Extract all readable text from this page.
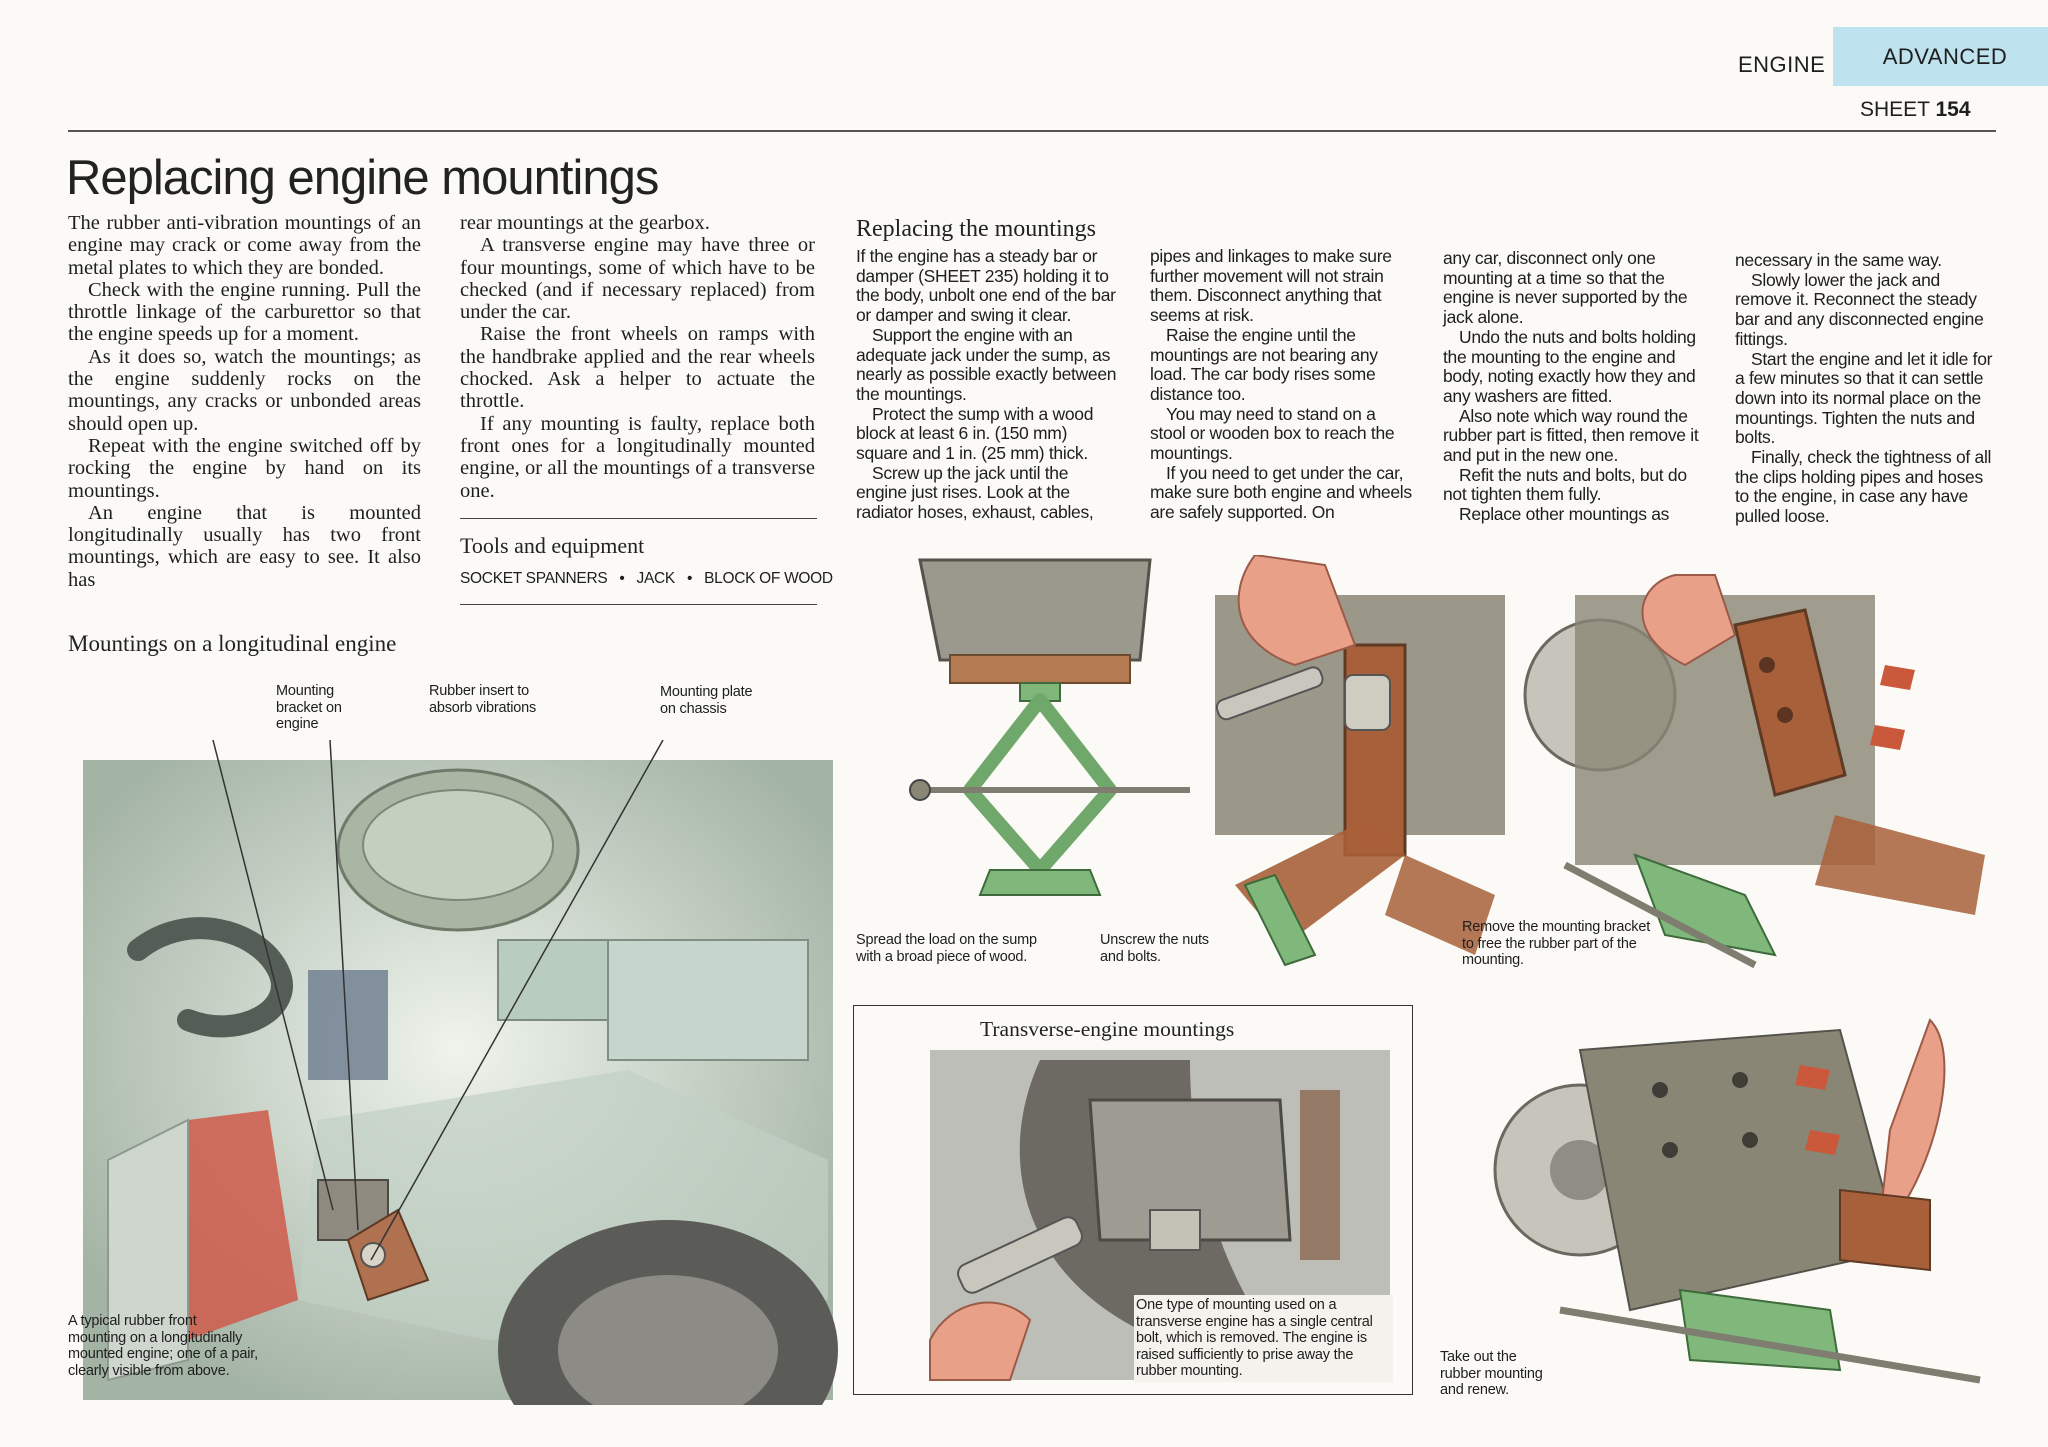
ENGINE	ADVANCED
SHEET 154
Replacing engine mountings

The rubber anti-vibration mountings of an engine may crack or come away from the metal plates to which they are bonded.

Check with the engine running. Pull the throttle linkage of the carburettor so that the engine speeds up for a moment.

As it does so, watch the mountings; as the engine suddenly rocks on the mountings, any cracks or unbonded areas should open up.

Repeat with the engine switched off by rocking the engine by hand on its mountings.

An engine that is mounted longitudinally usually has two front mountings, which are easy to see. It also has

rear mountings at the gearbox.

A transverse engine may have three or four mountings, some of which have to be checked (and if necessary replaced) from under the car.

Raise the front wheels on ramps with the handbrake applied and the rear wheels chocked. Ask a helper to actuate the throttle.

If any mounting is faulty, replace both front ones for a longitudinally mounted engine, or all the mountings of a transverse one.

Tools and equipment
SOCKET SPANNERS • JACK • BLOCK OF WOOD
Replacing the mountings

If the engine has a steady bar or damper (SHEET 235) holding it to the body, unbolt one end of the bar or damper and swing it clear.

Support the engine with an adequate jack under the sump, as nearly as possible exactly between the mountings.

Protect the sump with a wood block at least 6 in. (150 mm) square and 1 in. (25 mm) thick.

Screw up the jack until the engine just rises. Look at the radiator hoses, exhaust, cables,

pipes and linkages to make sure further movement will not strain them. Disconnect anything that seems at risk.

Raise the engine until the mountings are not bearing any load. The car body rises some distance too.

You may need to stand on a stool or wooden box to reach the mountings.

If you need to get under the car, make sure both engine and wheels are safely supported. On

any car, disconnect only one mounting at a time so that the engine is never supported by the jack alone.

Undo the nuts and bolts holding the mounting to the engine and body, noting exactly how they and any washers are fitted.

Also note which way round the rubber part is fitted, then remove it and put in the new one.

Refit the nuts and bolts, but do not tighten them fully.

Replace other mountings as

necessary in the same way.

Slowly lower the jack and remove it. Reconnect the steady bar and any disconnected engine fittings.

Start the engine and let it idle for a few minutes so that it can settle down into its normal place on the mountings. Tighten the nuts and bolts.

Finally, check the tightness of all the clips holding pipes and hoses to the engine, in case any have pulled loose.

Mountings on a longitudinal engine
Mounting bracket on engine
Rubber insert to absorb vibrations
Mounting plate on chassis
A typical rubber front mounting on a longitudinally mounted engine; one of a pair, clearly visible from above.
Spread the load on the sump with a broad piece of wood.
Unscrew the nuts and bolts.
Remove the mounting bracket to free the rubber part of the mounting.
Transverse-engine mountings
One type of mounting used on a transverse engine has a single central bolt, which is removed. The engine is raised sufficiently to prise away the rubber mounting.
Take out the rubber mounting and renew.
